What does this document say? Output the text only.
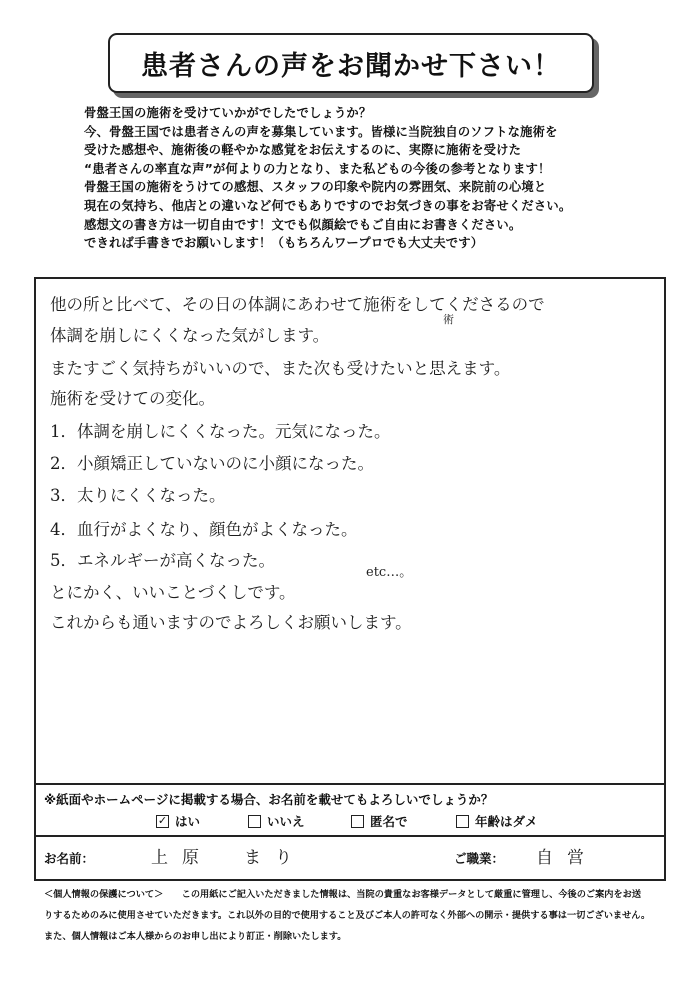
患者さんの声をお聞かせ下さい！
骨盤王国の施術を受けていかがでしたでしょうか？
今、骨盤王国では患者さんの声を募集しています。皆様に当院独自のソフトな施術を
受けた感想や、施術後の軽やかな感覚をお伝えするのに、実際に施術を受けた
“患者さんの率直な声”が何よりの力となり、また私どもの今後の参考となります！
骨盤王国の施術をうけての感想、スタッフの印象や院内の雰囲気、来院前の心境と
現在の気持ち、他店との違いなど何でもありですのでお気づきの事をお寄せください。
感想文の書き方は一切自由です！文でも似顔絵でもご自由にお書きください。
できれば手書きでお願いします！（もちろんワープロでも大丈夫です）
他の所と比べて、その日の体調にあわせて施術をしてくださるので
術
体調を崩しにくくなった気がします。
またすごく気持ちがいいので、また次も受けたいと思えます。
施術を受けての変化。
1．体調を崩しにくくなった。元気になった。
2．小顔矯正していないのに小顔になった。
3．太りにくくなった。
4．血行がよくなり、顔色がよくなった。
5．エネルギーが高くなった。
etc…。
とにかく、いいことづくしです。
これからも通いますのでよろしくお願いします。
※紙面やホームページに掲載する場合、お名前を載せてもよろしいでしょうか？
✓ はい	いいえ	匿名で	年齢はダメ
お名前：	上原　まり	ご職業： 自営
＜個人情報の保護について＞　　この用紙にご記入いただきました情報は、当院の貴重なお客様データとして厳重に管理し、今後のご案内をお送
りするためのみに使用させていただきます。これ以外の目的で使用すること及びご本人の許可なく外部への開示・提供する事は一切ございません。
また、個人情報はご本人様からのお申し出により訂正・削除いたします。
